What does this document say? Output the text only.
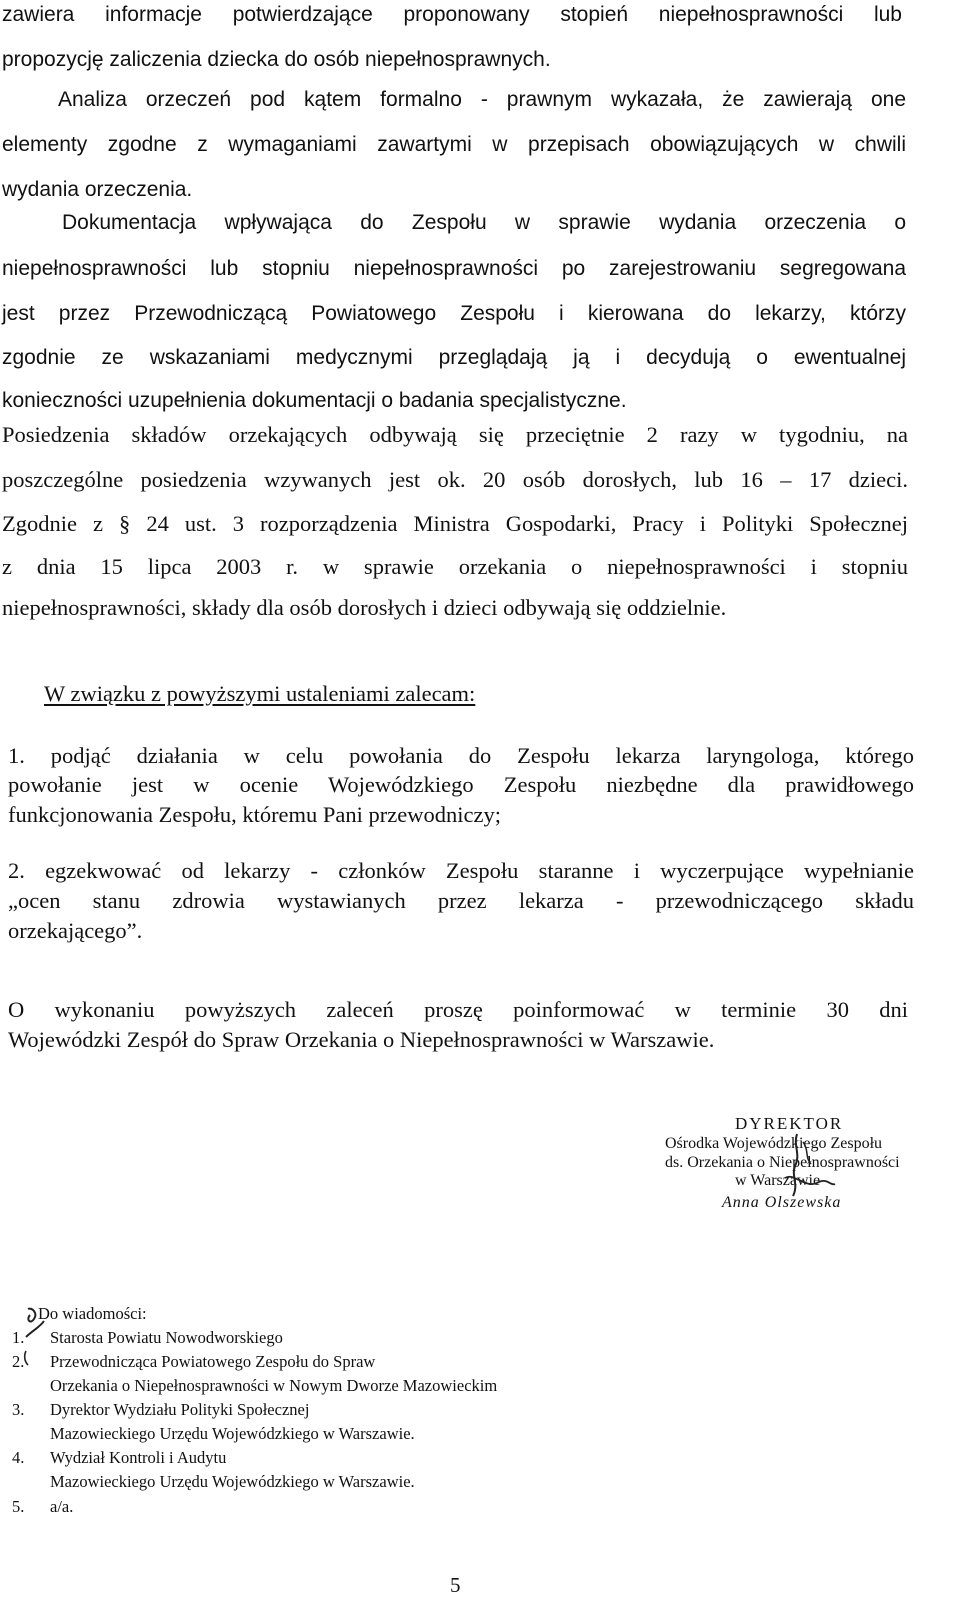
zawiera informacje potwierdzające proponowany stopień niepełnosprawności lub
propozycję zaliczenia dziecka do osób niepełnosprawnych.
Analiza orzeczeń pod kątem formalno - prawnym wykazała, że zawierają one
elementy zgodne z wymaganiami zawartymi w przepisach obowiązujących w chwili
wydania orzeczenia.
Dokumentacja wpływająca do Zespołu w sprawie wydania orzeczenia o
niepełnosprawności lub stopniu niepełnosprawności po zarejestrowaniu segregowana
jest przez Przewodniczącą Powiatowego Zespołu i kierowana do lekarzy, którzy
zgodnie ze wskazaniami medycznymi przeglądają ją i decydują o ewentualnej
konieczności uzupełnienia dokumentacji o badania specjalistyczne.
Posiedzenia składów orzekających odbywają się przeciętnie 2 razy w tygodniu, na
poszczególne posiedzenia wzywanych jest ok. 20 osób dorosłych, lub 16 – 17 dzieci.
Zgodnie z § 24 ust. 3 rozporządzenia Ministra Gospodarki, Pracy i Polityki Społecznej
z dnia 15 lipca 2003 r. w sprawie orzekania o niepełnosprawności i stopniu
niepełnosprawności, składy dla osób dorosłych i dzieci odbywają się oddzielnie.
W związku z powyższymi ustaleniami zalecam:
1. podjąć działania w celu powołania do Zespołu lekarza laryngologa, którego
powołanie jest w ocenie Wojewódzkiego Zespołu niezbędne dla prawidłowego
funkcjonowania Zespołu, któremu Pani przewodniczy;
2. egzekwować od lekarzy - członków Zespołu staranne i wyczerpujące wypełnianie
„ocen stanu zdrowia wystawianych przez lekarza - przewodniczącego składu
orzekającego”.
O wykonaniu powyższych zaleceń proszę poinformować w terminie 30 dni
Wojewódzki Zespół do Spraw Orzekania o Niepełnosprawności w Warszawie.
DYREKTOR
Ośrodka Wojewódzkiego Zespołu
ds. Orzekania o Niepełnosprawności
w Warszawie
Anna Olszewska
Do wiadomości:
1. Starosta Powiatu Nowodworskiego
2. Przewodnicząca Powiatowego Zespołu do Spraw
Orzekania o Niepełnosprawności w Nowym Dworze Mazowieckim
3. Dyrektor Wydziału Polityki Społecznej
Mazowieckiego Urzędu Wojewódzkiego w Warszawie.
4. Wydział Kontroli i Audytu
Mazowieckiego Urzędu Wojewódzkiego w Warszawie.
5. a/a.
5
